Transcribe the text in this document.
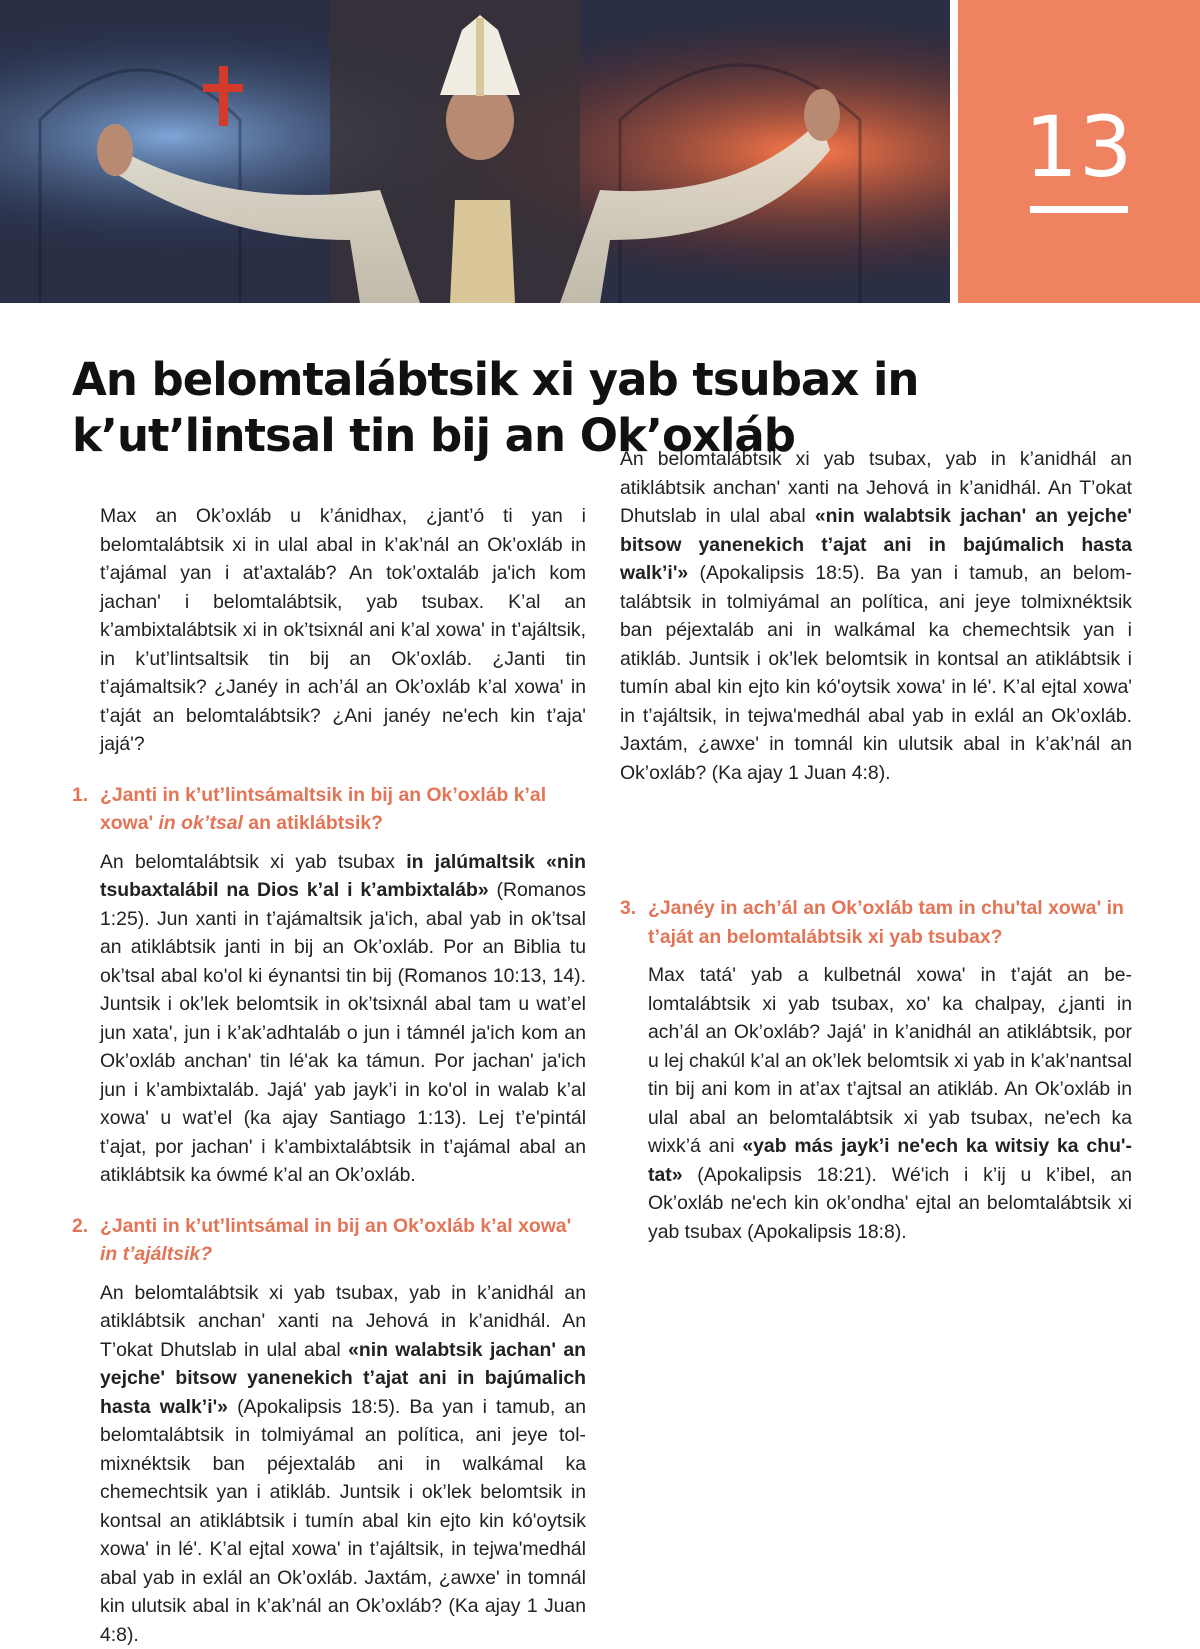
13
An belomtalábtsik xi yab tsubax in k’ut’lintsal tin bij an Ok’oxláb

Max an Ok’oxláb u k’ánidhax, ¿jant’ó ti yan i belomtalábtsik xi in ulal abal in k’ak’nál an Ok’oxláb in t’ajámal yan i at’axtaláb? An tok’oxtaláb ja'ich kom jachan' i belomtalábtsik, yab tsubax. K’al an k’ambixtalábtsik xi in ok’tsixnál ani k’al xowa' in t’ajáltsik, in k’ut’lintsaltsik tin bij an Ok’oxláb. ¿Janti tin t’ajámaltsik? ¿Janéy in ach’ál an Ok’oxláb k’al xowa' in t’aját an belomtalábtsik? ¿Ani janéy ne'ech kin t’aja' jajá'?

1. ¿Janti in k’ut’lintsámaltsik in bij an Ok’oxláb k’al xowa' in ok’tsal an atiklábtsik?

An belomtalábtsik xi yab tsubax in jalúmaltsik «nin tsubaxtalábil na Dios k’al i k’ambixtaláb» (Romanos 1:25). Jun xanti in t’ajámaltsik ja'ich, abal yab in ok’tsal an atiklábtsik janti in bij an Ok’oxláb. Por an Biblia tu ok’tsal abal ko'ol ki éynantsi tin bij (Romanos 10:13, 14). Juntsik i ok’lek belomtsik in ok’tsixnál abal tam u wat’el jun xata', jun i k’ak’adhtaláb o jun i támnél ja'ich kom an Ok’oxláb anchan' tin lé'ak ka támun. Por jachan' ja'ich jun i k’ambixtaláb. Jajá' yab jayk’i in ko'ol in walab k’al xowa' u wat’el (ka ajay Santiago 1:13). Lej t’e'pintál t’ajat, por jachan' i k’ambixtalábtsik in t’ajámal abal an atiklábtsik ka ówmé k’al an Ok’oxláb.

2. ¿Janti in k’ut’lintsámal in bij an Ok’oxláb k’al xowa' in t’ajáltsik?

An belomtalábtsik xi yab tsubax, yab in k’anidhál an atiklábtsik anchan' xanti na Jehová in k’anidhál. An T’okat Dhutslab in ulal abal «nin walabtsik jachan' an yejche' bitsow yanenekich t’ajat ani in bajúmalich hasta walk’i'» (Apokalipsis 18:5). Ba yan i tamub, an belomtalábtsik in tolmiyámal an política, ani jeye tolmixnéktsik ban péjextaláb ani in walkámal ka chemechtsik yan i atikláb. Juntsik i ok’lek belomtsik in kontsal an atiklábtsik i tumín abal kin ejto kin kó'oytsik xowa' in lé'. K’al ejtal xowa' in t’ajáltsik, in tejwa'medhál abal yab in exlál an Ok’oxláb. Jaxtám, ¿awxe' in tomnál kin ulutsik abal in k’ak’nál an Ok’oxláb? (Ka ajay 1 Juan 4:8).

An belomtalábtsik xi yab tsubax, yab in k’anidhál an atiklábtsik anchan' xanti na Jehová in k’anidhál. An T’okat Dhutslab in ulal abal «nin walabtsik jachan' an yejche' bitsow yanenekich t’ajat ani in bajúmalich hasta walk’i'» (Apokalipsis 18:5). Ba yan i tamub, an belomtalábtsik in tolmiyámal an política, ani jeye tolmixnéktsik ban péjextaláb ani in walkámal ka chemechtsik yan i atikláb. Juntsik i ok’lek belomtsik in kontsal an atiklábtsik i tumín abal kin ejto kin kó'oytsik xowa' in lé'. K’al ejtal xowa' in t’ajáltsik, in tejwa'medhál abal yab in exlál an Ok’oxláb. Jaxtám, ¿awxe' in tomnál kin ulutsik abal in k’ak’nál an Ok’oxláb? (Ka ajay 1 Juan 4:8).

3. ¿Janéy in ach’ál an Ok’oxláb tam in chu'tal xowa' in t’aját an belomtalábtsik xi yab tsubax?

Max tatá' yab a kulbetnál xowa' in t’aját an belomtalábtsik xi yab tsubax, xo' ka chalpay, ¿janti in ach’ál an Ok’oxláb? Jajá' in k’anidhál an atiklábtsik, por u lej chakúl k’al an ok’lek belomtsik xi yab in k’ak’nantsal tin bij ani kom in at’ax t’ajtsal an atikláb. An Ok’oxláb in ulal abal an belomtalábtsik xi yab tsubax, ne'ech ka wixk’á ani «yab más jayk’i ne'ech ka witsiy ka chu'tat» (Apokalipsis 18:21). Wé'ich i k’ij u k’ibel, an Ok’oxláb ne'ech kin ok’ondha' ejtal an belomtalábtsik xi yab tsubax (Apokalipsis 18:8).
